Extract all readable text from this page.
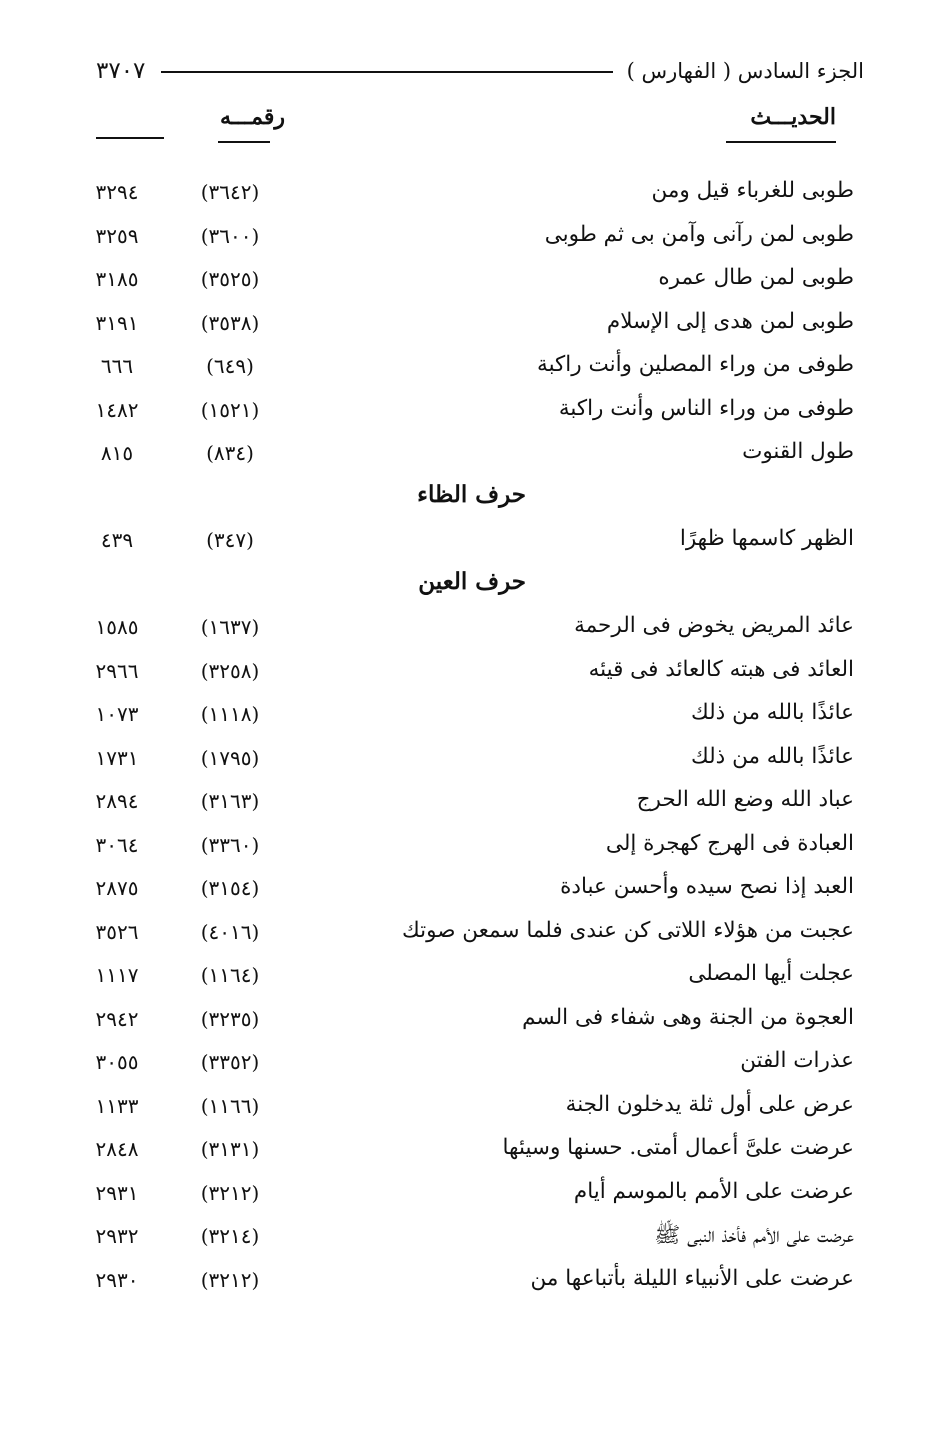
الجزء السادس ( الفهارس )
٣٧٠٧
الحديـــث
رقمـــه
طوبى للغرباء قيل ومن
(٣٦٤٢)
٣٢٩٤
طوبى لمن رآنى وآمن بى ثم طوبى
(٣٦٠٠)
٣٢٥٩
طوبى لمن طال عمره
(٣٥٢٥)
٣١٨٥
طوبى لمن هدى إلى الإسلام
(٣٥٣٨)
٣١٩١
طوفى من وراء المصلين وأنت راكبة
(٦٤٩)
٦٦٦
طوفى من وراء الناس وأنت راكبة
(١٥٢١)
١٤٨٢
طول القنوت
(٨٣٤)
٨١٥
حرف الظاء
الظهر كاسمها ظهرًا
(٣٤٧)
٤٣٩
حرف العين
عائد المريض يخوض فى الرحمة
(١٦٣٧)
١٥٨٥
العائد فى هبته كالعائد فى قيئه
(٣٢٥٨)
٢٩٦٦
عائذًا بالله من ذلك
(١١١٨)
١٠٧٣
عائذًا بالله من ذلك
(١٧٩٥)
١٧٣١
عباد الله وضع الله الحرج
(٣١٦٣)
٢٨٩٤
العبادة فى الهرج كهجرة إلى
(٣٣٦٠)
٣٠٦٤
العبد إذا نصح سيده وأحسن عبادة
(٣١٥٤)
٢٨٧٥
عجبت من هؤلاء اللاتى كن عندى فلما سمعن صوتك
(٤٠١٦)
٣٥٢٦
عجلت أيها المصلى
(١١٦٤)
١١١٧
العجوة من الجنة وهى شفاء فى السم
(٣٢٣٥)
٢٩٤٢
عذرات الفتن
(٣٣٥٢)
٣٠٥٥
عرض على أول ثلة يدخلون الجنة
(١١٦٦)
١١٣٣
عرضت علىَّ أعمال أمتى. حسنها وسيئها
(٣١٣١)
٢٨٤٨
عرضت على الأمم بالموسم أيام
(٣٢١٢)
٢٩٣١
عرضت على الأمم فأخذ النبى ﷺ
(٣٢١٤)
٢٩٣٢
عرضت على الأنبياء الليلة بأتباعها من
(٣٢١٢)
٢٩٣٠
